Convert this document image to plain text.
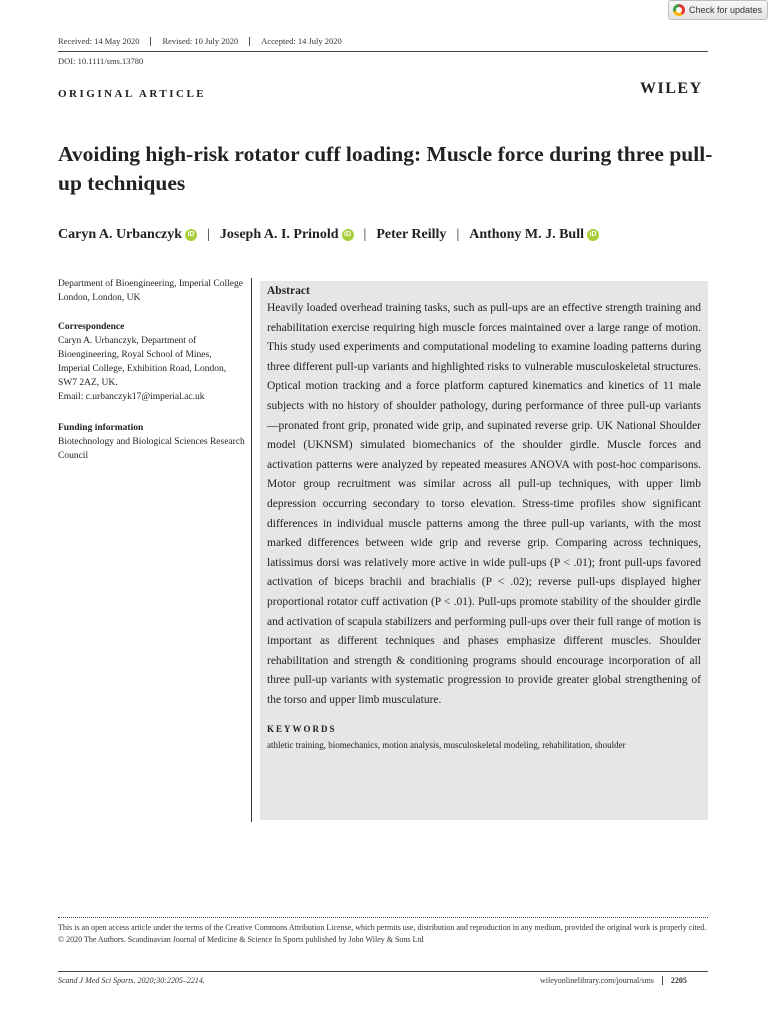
Check for updates
Received: 14 May 2020	Revised: 10 July 2020	Accepted: 14 July 2020
DOI: 10.1111/sms.13780
ORIGINAL ARTICLE	WILEY
Avoiding high-risk rotator cuff loading: Muscle force during three pull-up techniques
Caryn A. Urbanczyk iD | Joseph A. I. Prinold iD | Peter Reilly | Anthony M. J. Bull iD
Department of Bioengineering, Imperial College London, London, UK
Correspondence
Caryn A. Urbanczyk, Department of Bioengineering, Royal School of Mines, Imperial College, Exhibition Road, London, SW7 2AZ, UK.
Email: c.urbanczyk17@imperial.ac.uk
Funding information
Biotechnology and Biological Sciences Research Council
Abstract

Heavily loaded overhead training tasks, such as pull-ups are an effective strength training and rehabilitation exercise requiring high muscle forces maintained over a large range of motion. This study used experiments and computational modeling to examine loading patterns during three different pull-up variants and highlighted risks to vulnerable musculoskeletal structures. Optical motion tracking and a force platform captured kinematics and kinetics of 11 male subjects with no history of shoulder pathology, during performance of three pull-up variants—pronated front grip, pronated wide grip, and supinated reverse grip. UK National Shoulder model (UKNSM) simulated biomechanics of the shoulder girdle. Muscle forces and activation patterns were analyzed by repeated measures ANOVA with post-hoc comparisons. Motor group recruitment was similar across all pull-up techniques, with upper limb depression occurring secondary to torso elevation. Stress-time profiles show significant differences in individual muscle patterns among the three pull-up variants, with the most marked differences between wide grip and reverse grip. Comparing across techniques, latissimus dorsi was relatively more active in wide pull-ups (P < .01); front pull-ups favored activation of biceps brachii and brachialis (P < .02); reverse pull-ups displayed higher proportional rotator cuff activation (P < .01). Pull-ups promote stability of the shoulder girdle and activation of scapula stabilizers and performing pull-ups over their full range of motion is important as different techniques and phases emphasize different muscles. Shoulder rehabilitation and strength & conditioning programs should encourage incorporation of all three pull-up variants with systematic progression to provide greater global strengthening of the torso and upper limb musculature.

KEYWORDS
athletic training, biomechanics, motion analysis, musculoskeletal modeling, rehabilitation, shoulder
This is an open access article under the terms of the Creative Commons Attribution License, which permits use, distribution and reproduction in any medium, provided the original work is properly cited.
© 2020 The Authors. Scandinavian Journal of Medicine & Science In Sports published by John Wiley & Sons Ltd
Scand J Med Sci Sports. 2020;30:2205–2214.	wileyonlinelibrary.com/journal/sms	2205
